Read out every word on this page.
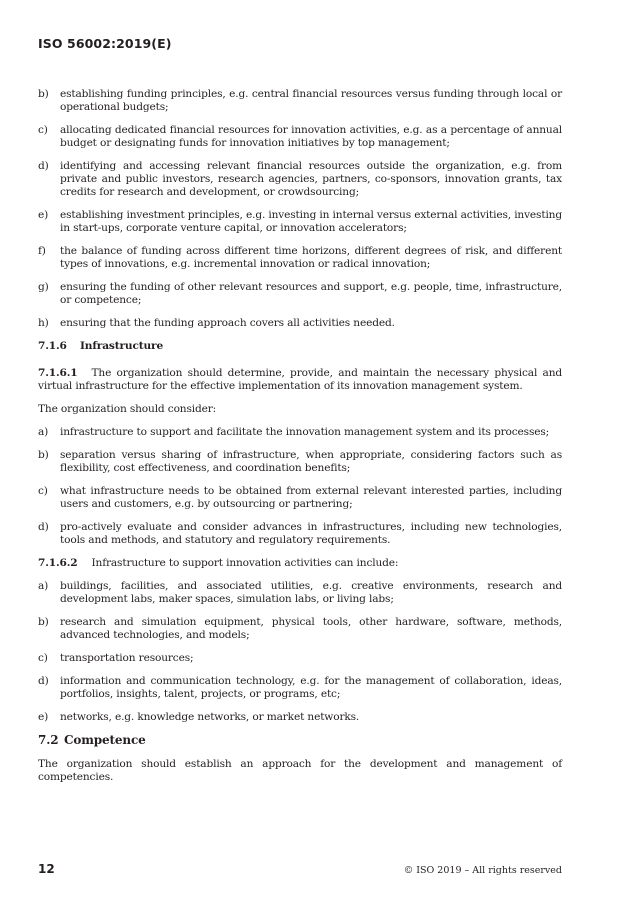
ISO 56002:2019(E)
b)	establishing funding principles, e.g. central financial resources versus funding through local or operational budgets;
c)	allocating dedicated financial resources for innovation activities, e.g. as a percentage of annual budget or designating funds for innovation initiatives by top management;
d)	identifying and accessing relevant financial resources outside the organization, e.g. from private and public investors, research agencies, partners, co-sponsors, innovation grants, tax credits for research and development, or crowdsourcing;
e)	establishing investment principles, e.g. investing in internal versus external activities, investing in start-ups, corporate venture capital, or innovation accelerators;
f)	the balance of funding across different time horizons, different degrees of risk, and different types of innovations, e.g. incremental innovation or radical innovation;
g)	ensuring the funding of other relevant resources and support, e.g. people, time, infrastructure, or competence;
h)	ensuring that the funding approach covers all activities needed.
7.1.6 Infrastructure
7.1.6.1 The organization should determine, provide, and maintain the necessary physical and virtual infrastructure for the effective implementation of its innovation management system.
The organization should consider:
a)	infrastructure to support and facilitate the innovation management system and its processes;
b)	separation versus sharing of infrastructure, when appropriate, considering factors such as flexibility, cost effectiveness, and coordination benefits;
c)	what infrastructure needs to be obtained from external relevant interested parties, including users and customers, e.g. by outsourcing or partnering;
d)	pro-actively evaluate and consider advances in infrastructures, including new technologies, tools and methods, and statutory and regulatory requirements.
7.1.6.2 Infrastructure to support innovation activities can include:
a)	buildings, facilities, and associated utilities, e.g. creative environments, research and development labs, maker spaces, simulation labs, or living labs;
b)	research and simulation equipment, physical tools, other hardware, software, methods, advanced technologies, and models;
c)	transportation resources;
d)	information and communication technology, e.g. for the management of collaboration, ideas, portfolios, insights, talent, projects, or programs, etc;
e)	networks, e.g. knowledge networks, or market networks.
7.2 Competence
The organization should establish an approach for the development and management of competencies.
12	© ISO 2019 – All rights reserved
